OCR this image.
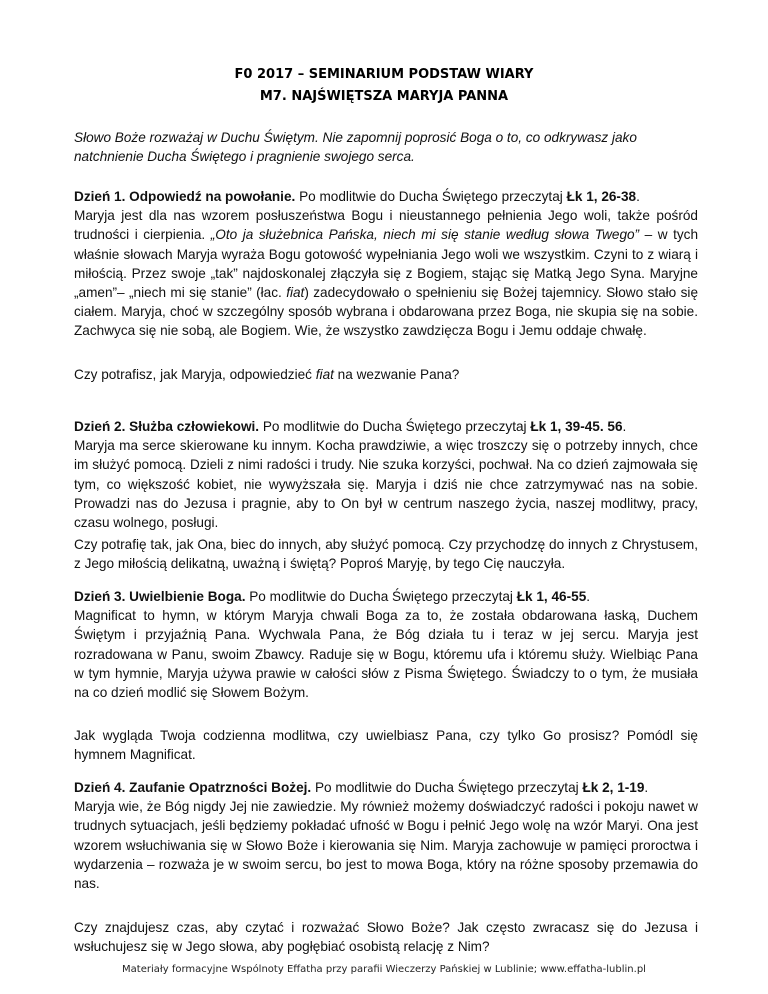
F0 2017 – SEMINARIUM PODSTAW WIARY
M7. NAJŚWIĘTSZA MARYJA PANNA
Słowo Boże rozważaj w Duchu Świętym. Nie zapomnij poprosić Boga o to, co odkrywasz jako natchnienie Ducha Świętego i pragnienie swojego serca.
Dzień 1. Odpowiedź na powołanie. Po modlitwie do Ducha Świętego przeczytaj Łk 1, 26-38.
Maryja jest dla nas wzorem posłuszeństwa Bogu i nieustannego pełnienia Jego woli, także pośród trudności i cierpienia. „Oto ja służebnica Pańska, niech mi się stanie według słowa Twego” – w tych właśnie słowach Maryja wyraża Bogu gotowość wypełniania Jego woli we wszystkim. Czyni to z wiarą i miłością. Przez swoje „tak” najdoskonalej złączyła się z Bogiem, stając się Matką Jego Syna. Maryjne „amen”– „niech mi się stanie” (łac. fiat) zadecydowało o spełnieniu się Bożej tajemnicy. Słowo stało się ciałem. Maryja, choć w szczególny sposób wybrana i obdarowana przez Boga, nie skupia się na sobie. Zachwyca się nie sobą, ale Bogiem. Wie, że wszystko zawdzięcza Bogu i Jemu oddaje chwałę.
Czy potrafisz, jak Maryja, odpowiedzieć fiat na wezwanie Pana?
Dzień 2. Służba człowiekowi. Po modlitwie do Ducha Świętego przeczytaj Łk 1, 39-45. 56.
Maryja ma serce skierowane ku innym. Kocha prawdziwie, a więc troszczy się o potrzeby innych, chce im służyć pomocą. Dzieli z nimi radości i trudy. Nie szuka korzyści, pochwał. Na co dzień zajmowała się tym, co większość kobiet, nie wywyższała się. Maryja i dziś nie chce zatrzymywać nas na sobie. Prowadzi nas do Jezusa i pragnie, aby to On był w centrum naszego życia, naszej modlitwy, pracy, czasu wolnego, posługi.
Czy potrafię tak, jak Ona, biec do innych, aby służyć pomocą. Czy przychodzę do innych z Chrystusem, z Jego miłością delikatną, uważną i świętą? Poproś Maryję, by tego Cię nauczyła.
Dzień 3. Uwielbienie Boga. Po modlitwie do Ducha Świętego przeczytaj Łk 1, 46-55.
Magnificat to hymn, w którym Maryja chwali Boga za to, że została obdarowana łaską, Duchem Świętym i przyjaźnią Pana. Wychwala Pana, że Bóg działa tu i teraz w jej sercu. Maryja jest rozradowana w Panu, swoim Zbawcy. Raduje się w Bogu, któremu ufa i któremu służy. Wielbiąc Pana w tym hymnie, Maryja używa prawie w całości słów z Pisma Świętego. Świadczy to o tym, że musiała na co dzień modlić się Słowem Bożym.
Jak wygląda Twoja codzienna modlitwa, czy uwielbiasz Pana, czy tylko Go prosisz? Pomódl się hymnem Magnificat.
Dzień 4. Zaufanie Opatrzności Bożej. Po modlitwie do Ducha Świętego przeczytaj Łk 2, 1-19.
Maryja wie, że Bóg nigdy Jej nie zawiedzie. My również możemy doświadczyć radości i pokoju nawet w trudnych sytuacjach, jeśli będziemy pokładać ufność w Bogu i pełnić Jego wolę na wzór Maryi. Ona jest wzorem wsłuchiwania się w Słowo Boże i kierowania się Nim. Maryja zachowuje w pamięci proroctwa i wydarzenia – rozważa je w swoim sercu, bo jest to mowa Boga, który na różne sposoby przemawia do nas.
Czy znajdujesz czas, aby czytać i rozważać Słowo Boże? Jak często zwracasz się do Jezusa i wsłuchujesz się w Jego słowa, aby pogłębiać osobistą relację z Nim?
Materiały formacyjne Wspólnoty Effatha przy parafii Wieczerzy Pańskiej w Lublinie; www.effatha-lublin.pl
